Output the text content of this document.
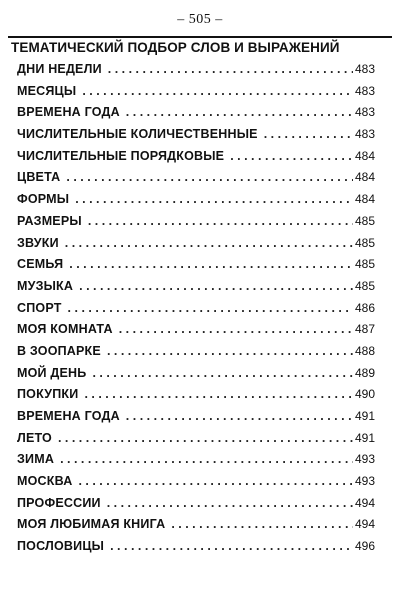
– 505 –
ТЕМАТИЧЕСКИЙ ПОДБОР СЛОВ И ВЫРАЖЕНИЙ
ДНИ НЕДЕЛИ . . .	483
МЕСЯЦЫ . . .	483
ВРЕМЕНА ГОДА . . .	483
ЧИСЛИТЕЛЬНЫЕ КОЛИЧЕСТВЕННЫЕ . . .	483
ЧИСЛИТЕЛЬНЫЕ ПОРЯДКОВЫЕ . . .	484
ЦВЕТА . . .	484
ФОРМЫ . . .	484
РАЗМЕРЫ . . .	485
ЗВУКИ . . .	485
СЕМЬЯ . . .	485
МУЗЫКА . . .	485
СПОРТ . . .	486
МОЯ КОМНАТА . . .	487
В ЗООПАРКЕ . . .	488
МОЙ ДЕНЬ . . .	489
ПОКУПКИ . . .	490
ВРЕМЕНА ГОДА . . .	491
ЛЕТО . . .	491
ЗИМА . . .	493
МОСКВА . . .	493
ПРОФЕССИИ . . .	494
МОЯ ЛЮБИМАЯ КНИГА . . .	494
ПОСЛОВИЦЫ . . .	496
